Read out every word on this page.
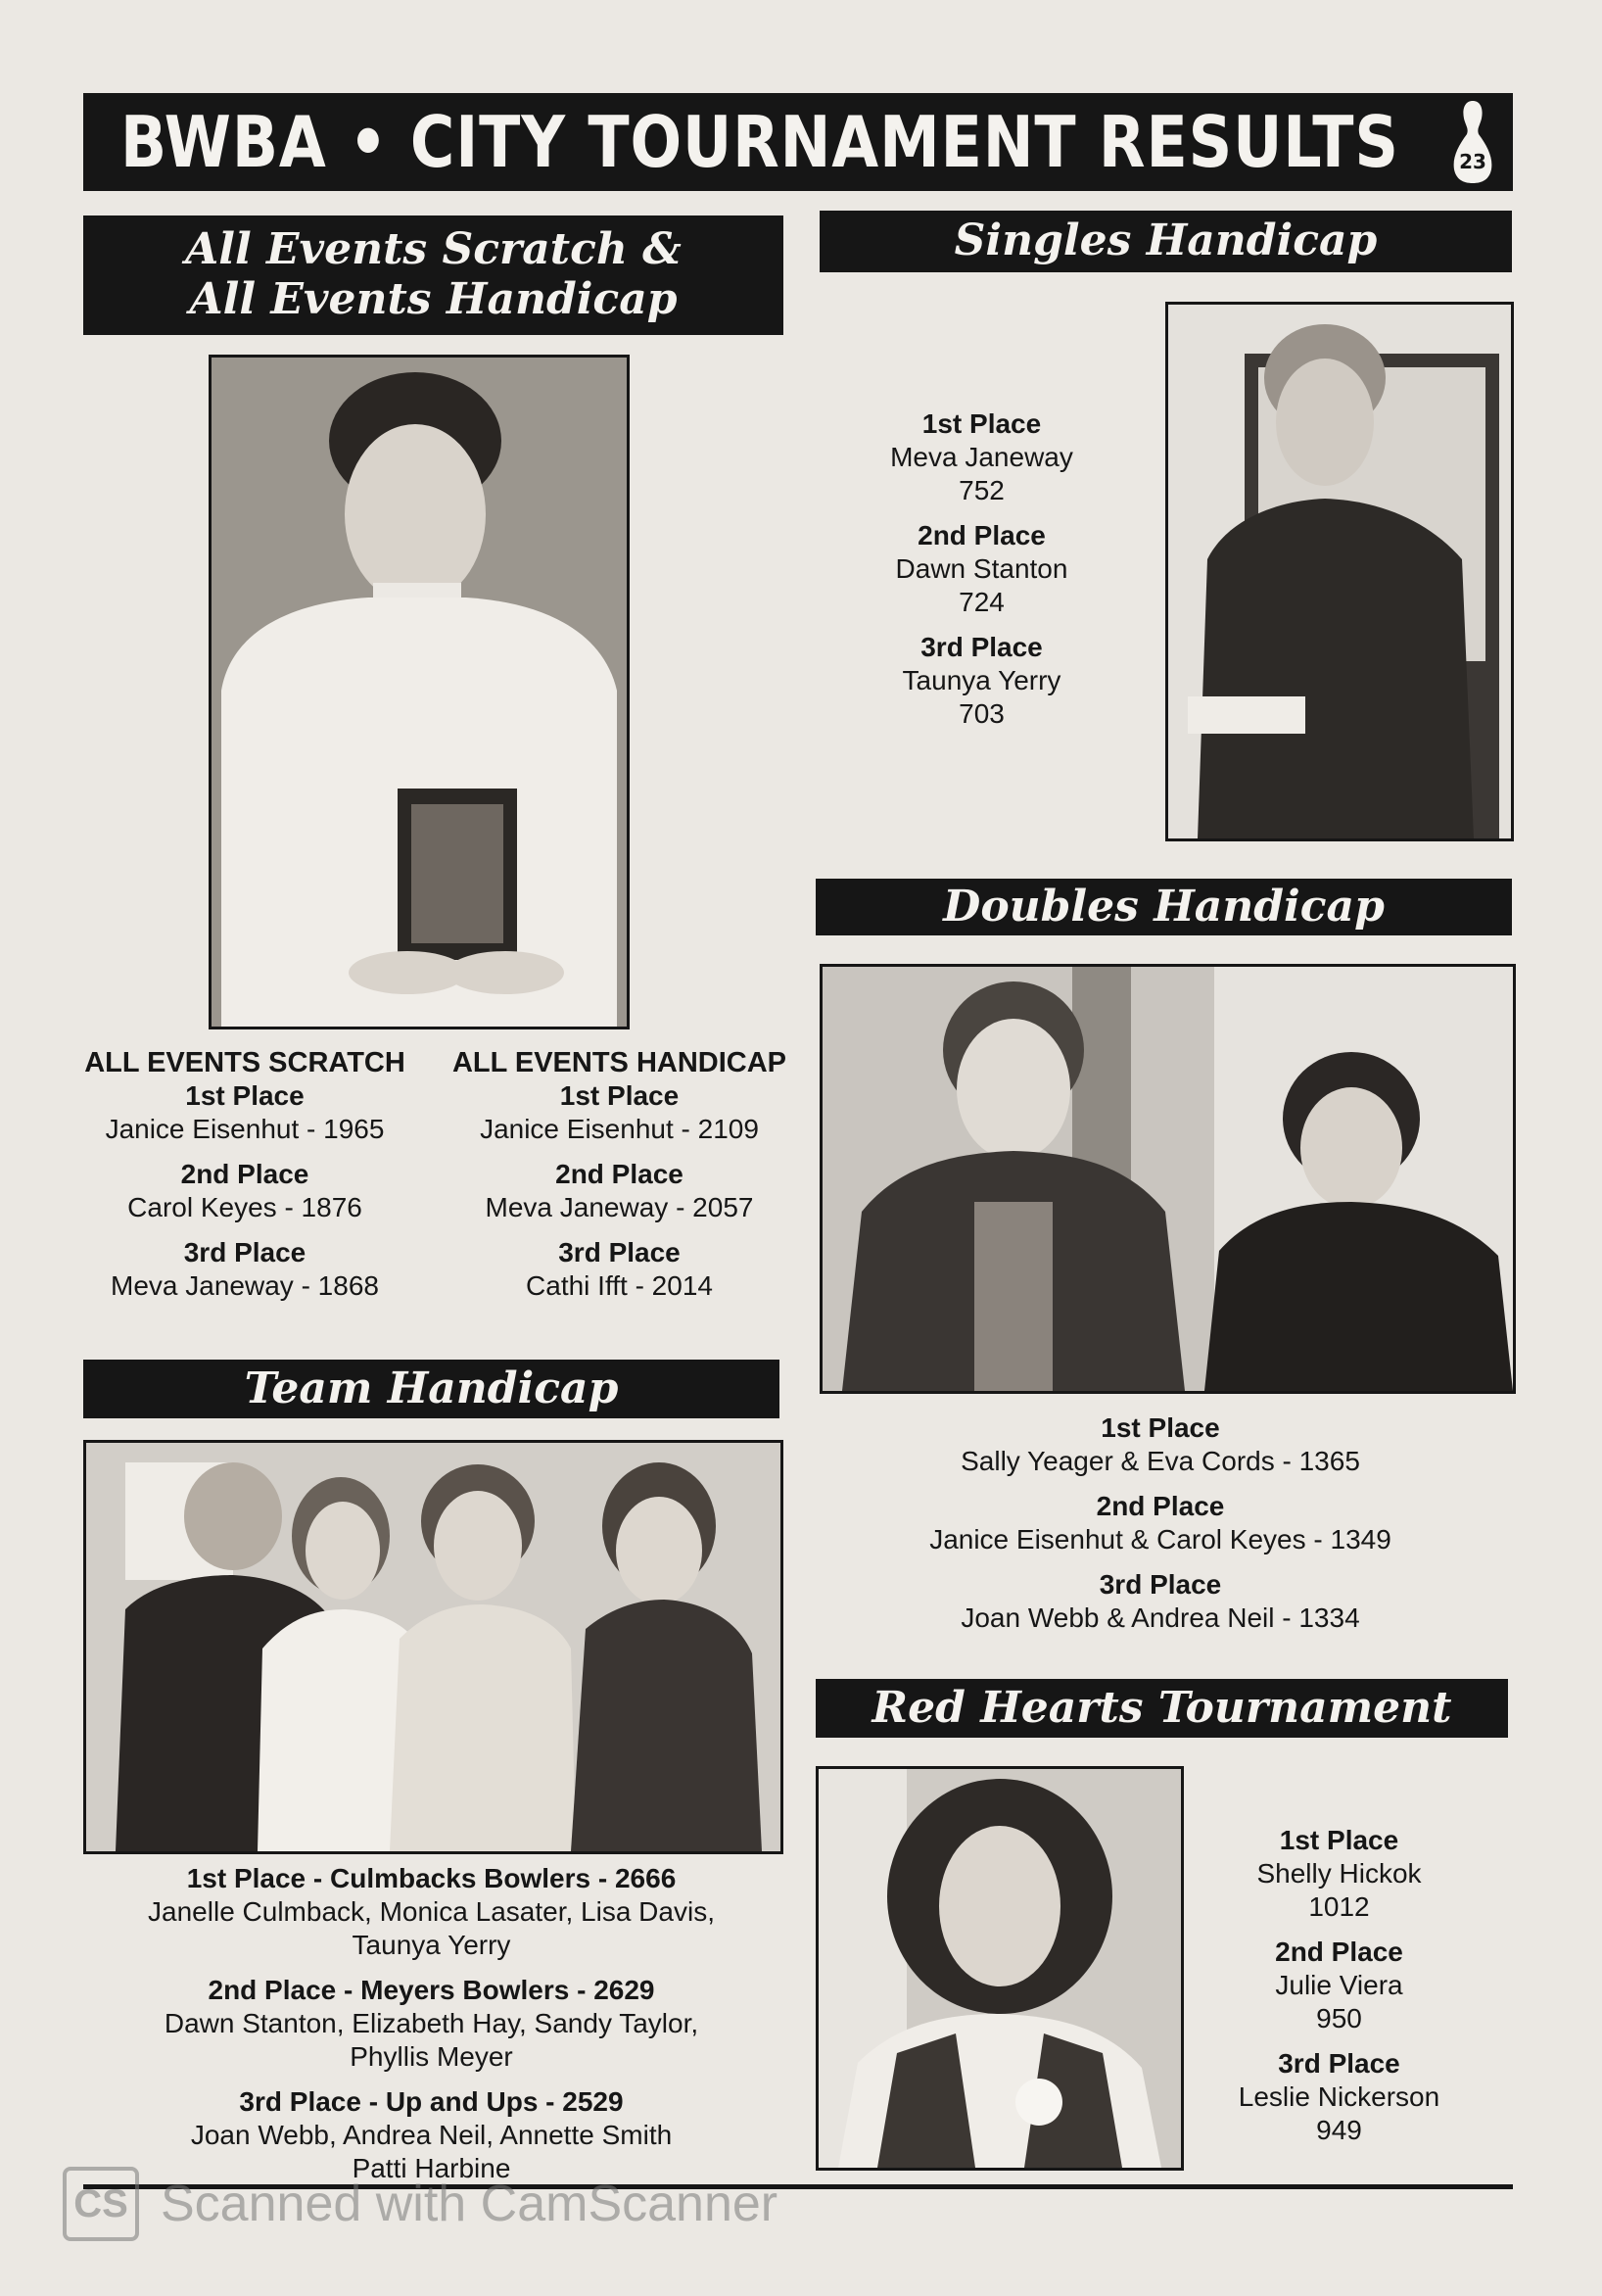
BWBA • CITY TOURNAMENT RESULTS	23
All Events Scratch &
All Events Handicap
ALL EVENTS SCRATCH
1st Place
Janice Eisenhut - 1965
2nd Place
Carol Keyes - 1876
3rd Place
Meva Janeway - 1868
ALL EVENTS HANDICAP
1st Place
Janice Eisenhut - 2109
2nd Place
Meva Janeway - 2057
3rd Place
Cathi Ifft - 2014
Singles Handicap
1st Place
Meva Janeway
752
2nd Place
Dawn Stanton
724
3rd Place
Taunya Yerry
703
Doubles Handicap
1st Place
Sally Yeager & Eva Cords - 1365
2nd Place
Janice Eisenhut & Carol Keyes - 1349
3rd Place
Joan Webb & Andrea Neil - 1334
Team Handicap
1st Place - Culmbacks Bowlers - 2666
Janelle Culmback, Monica Lasater, Lisa Davis,
Taunya Yerry
2nd Place - Meyers Bowlers - 2629
Dawn Stanton, Elizabeth Hay, Sandy Taylor,
Phyllis Meyer
3rd Place - Up and Ups - 2529
Joan Webb, Andrea Neil, Annette Smith
Patti Harbine
Red Hearts Tournament
1st Place
Shelly Hickok
1012
2nd Place
Julie Viera
950
3rd Place
Leslie Nickerson
949
CS Scanned with CamScanner
